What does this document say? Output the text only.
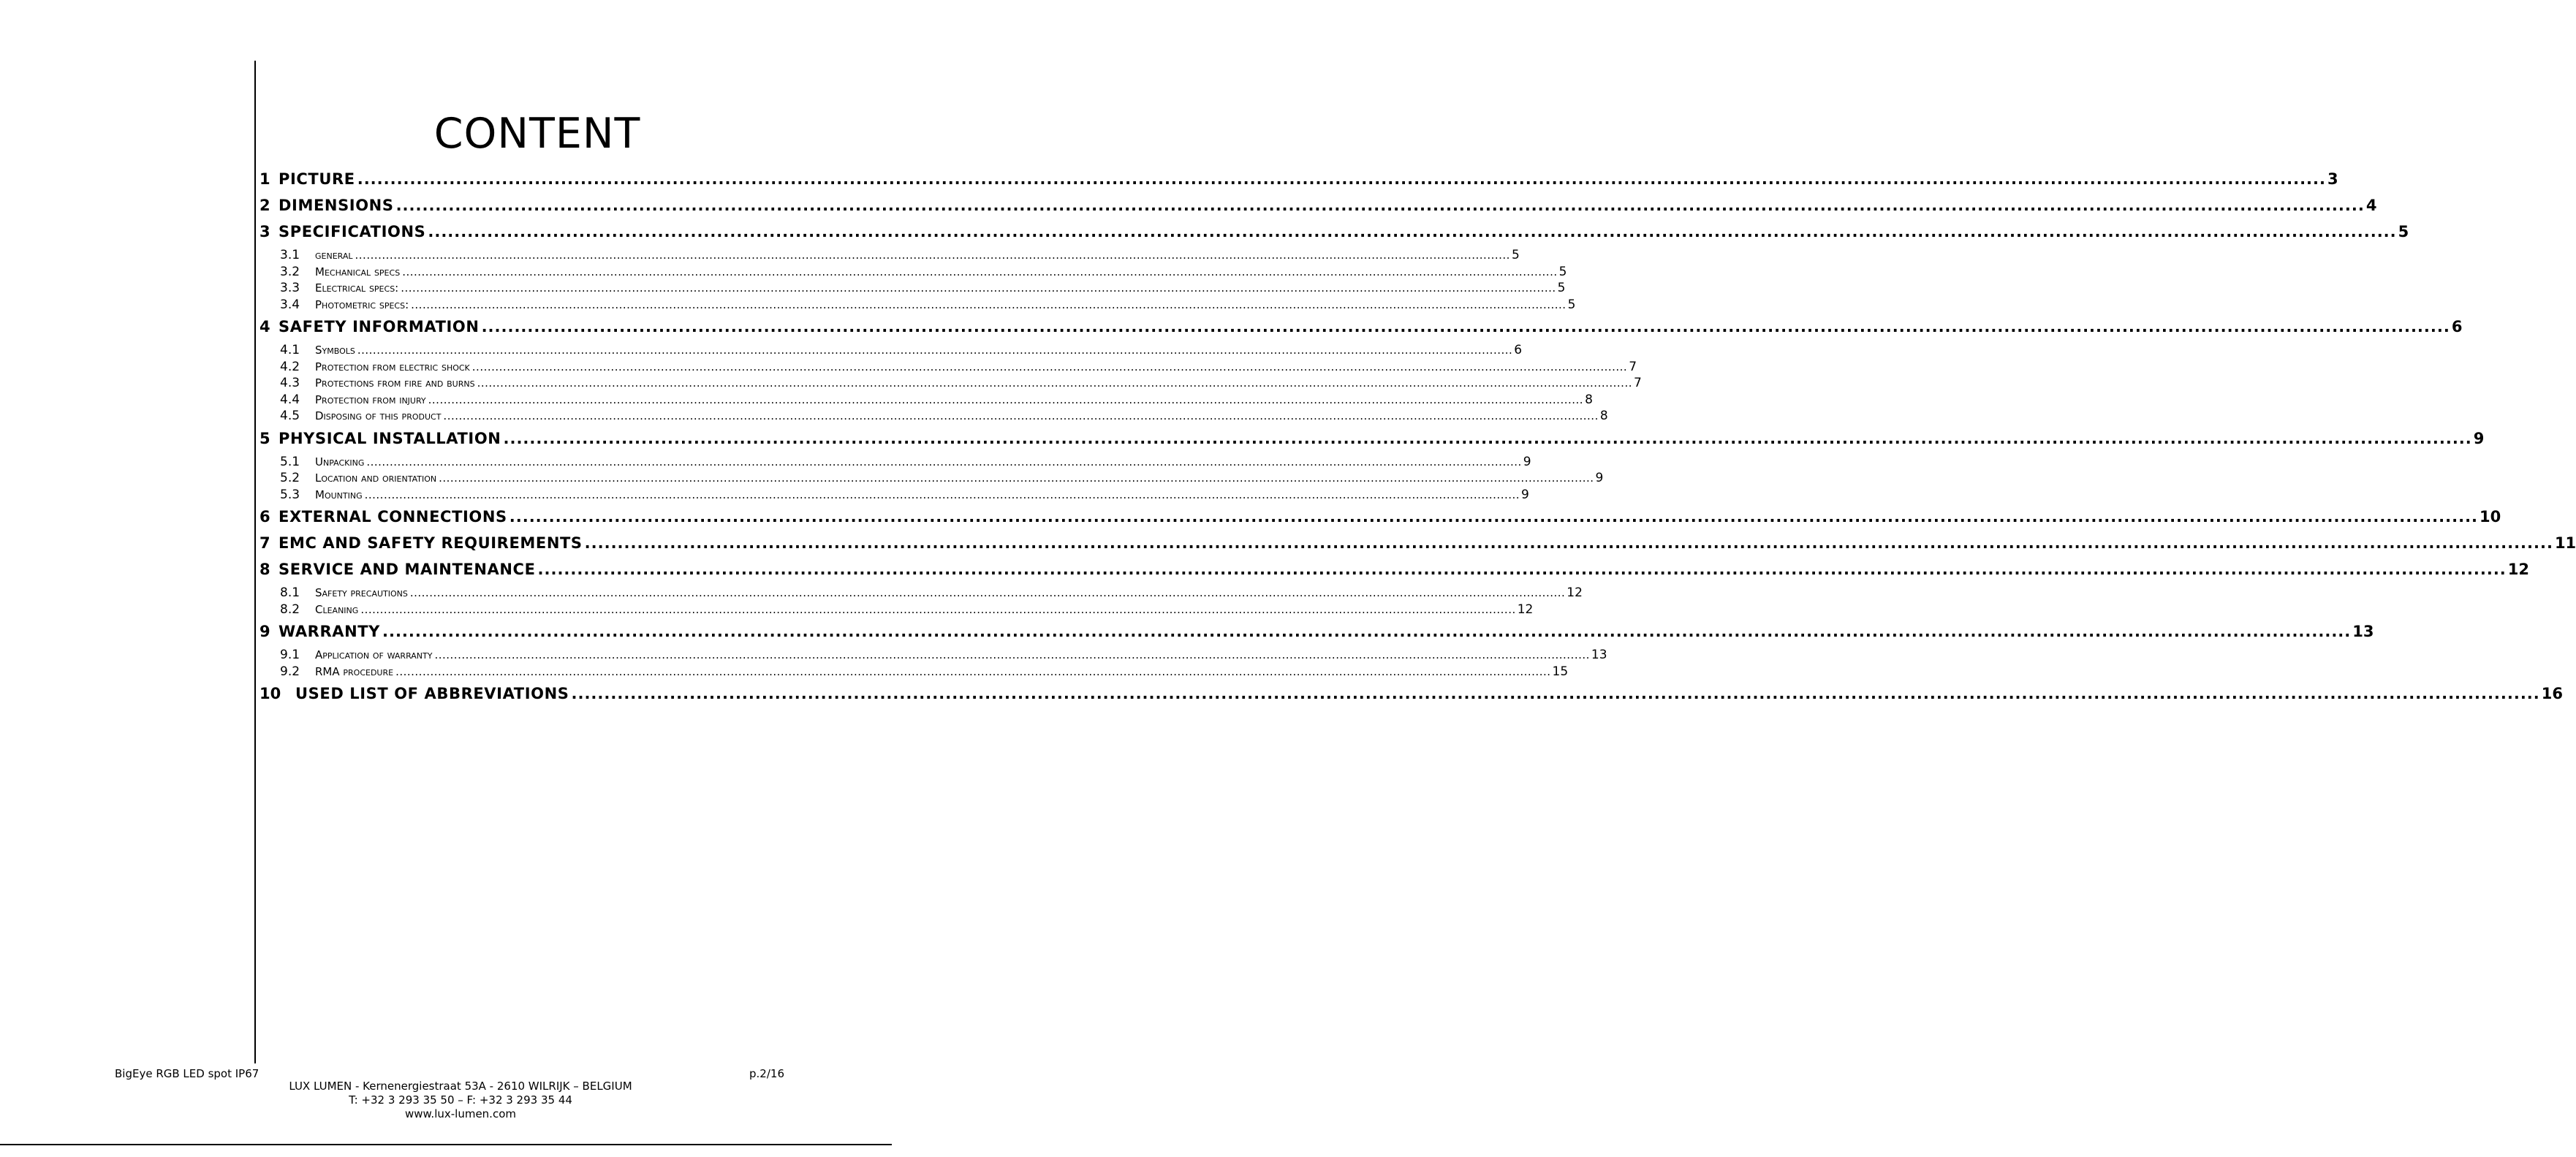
CONTENT
1 PICTURE ............................................................................................................................................................................................................................................................................................................ 3
2 DIMENSIONS ............................................................................................................................................................................................................................................................................................................ 4
3 SPECIFICATIONS ............................................................................................................................................................................................................................................................................................................ 5
3.1	general ............................................................................................................................................................................................................................................................................................................ 5
3.2	Mechanical specs ............................................................................................................................................................................................................................................................................................................ 5
3.3	Electrical specs: ............................................................................................................................................................................................................................................................................................................ 5
3.4	Photometric specs: ............................................................................................................................................................................................................................................................................................................ 5
4 SAFETY INFORMATION ............................................................................................................................................................................................................................................................................................................ 6
4.1	Symbols ............................................................................................................................................................................................................................................................................................................ 6
4.2	Protection from electric shock ............................................................................................................................................................................................................................................................................................................ 7
4.3	Protections from fire and burns ............................................................................................................................................................................................................................................................................................................ 7
4.4	Protection from injury ............................................................................................................................................................................................................................................................................................................ 8
4.5	Disposing of this product ............................................................................................................................................................................................................................................................................................................ 8
5 PHYSICAL INSTALLATION ............................................................................................................................................................................................................................................................................................................ 9
5.1	Unpacking ............................................................................................................................................................................................................................................................................................................ 9
5.2	Location and orientation ............................................................................................................................................................................................................................................................................................................ 9
5.3	Mounting ............................................................................................................................................................................................................................................................................................................ 9
6 EXTERNAL CONNECTIONS ............................................................................................................................................................................................................................................................................................................ 10
7 EMC AND SAFETY REQUIREMENTS ............................................................................................................................................................................................................................................................................................................ 11
8 SERVICE AND MAINTENANCE ............................................................................................................................................................................................................................................................................................................ 12
8.1	Safety precautions ............................................................................................................................................................................................................................................................................................................ 12
8.2	Cleaning ............................................................................................................................................................................................................................................................................................................ 12
9 WARRANTY ............................................................................................................................................................................................................................................................................................................ 13
9.1	Application of warranty ............................................................................................................................................................................................................................................................................................................ 13
9.2	RMA procedure ............................................................................................................................................................................................................................................................................................................ 15
10 USED LIST OF ABBREVIATIONS ............................................................................................................................................................................................................................................................................................................ 16
BigEye RGB LED spot IP67	p.2/16
LUX LUMEN - Kernenergiestraat 53A - 2610 WILRIJK – BELGIUM
T: +32 3 293 35 50 – F: +32 3 293 35 44
www.lux-lumen.com
